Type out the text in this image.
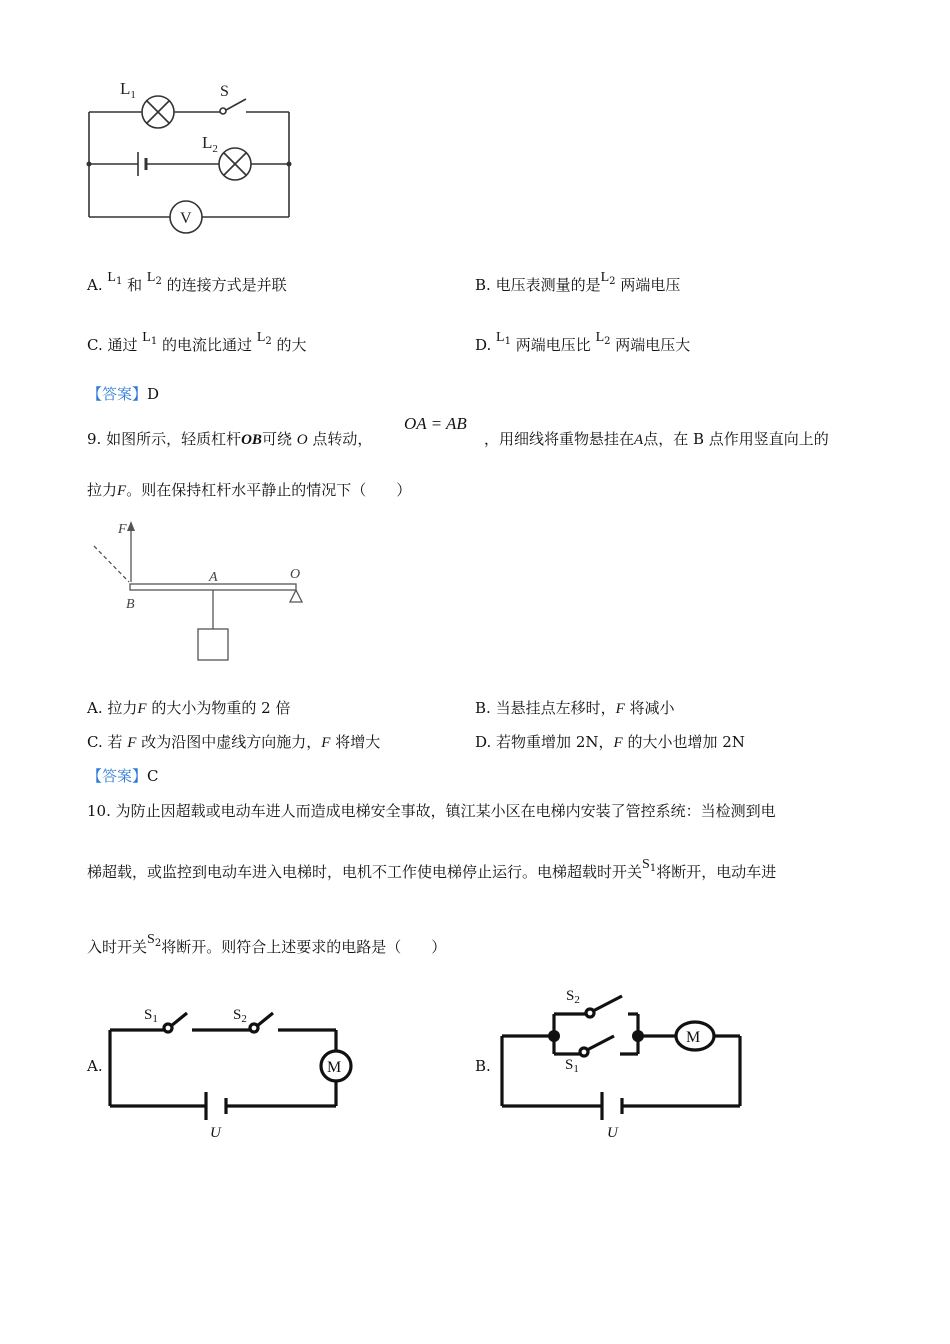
$L_1$	S
$L_2$
V
A. $L^1$ 和 $L^2$ 的连接方式是并联	B. 电压表测量的是$L^2$ 两端电压
C. 通过 $L^1$ 的电流比通过 $L^2$ 的大	D. $L^1$ 两端电压比 $L^2$ 两端电压大
【答案】D
OA = AB
9. 如图所示，轻质杠杆OB可绕 O 点转动，	，用细线将重物悬挂在A点，在 B 点作用竖直向上的
拉力F。则在保持杠杆水平静止的情况下（　　）
F
A	O
B
A. 拉力F 的大小为物重的 2 倍	B. 当悬挂点左移时，F 将减小
C. 若 F 改为沿图中虚线方向施力，F 将增大	D. 若物重增加 2N，F 的大小也增加 2N
【答案】C
10. 为防止因超载或电动车进人而造成电梯安全事故，镇江某小区在电梯内安装了管控系统：当检测到电
梯超载，或监控到电动车进入电梯时，电机不工作使电梯停止运行。电梯超载时开关$S^1$将断开，电动车进
入时开关$S^2$将断开。则符合上述要求的电路是（　　）
A.
$S_1$	$S_2$
M
U
B.
$S_2$
$S_1$
M
U
